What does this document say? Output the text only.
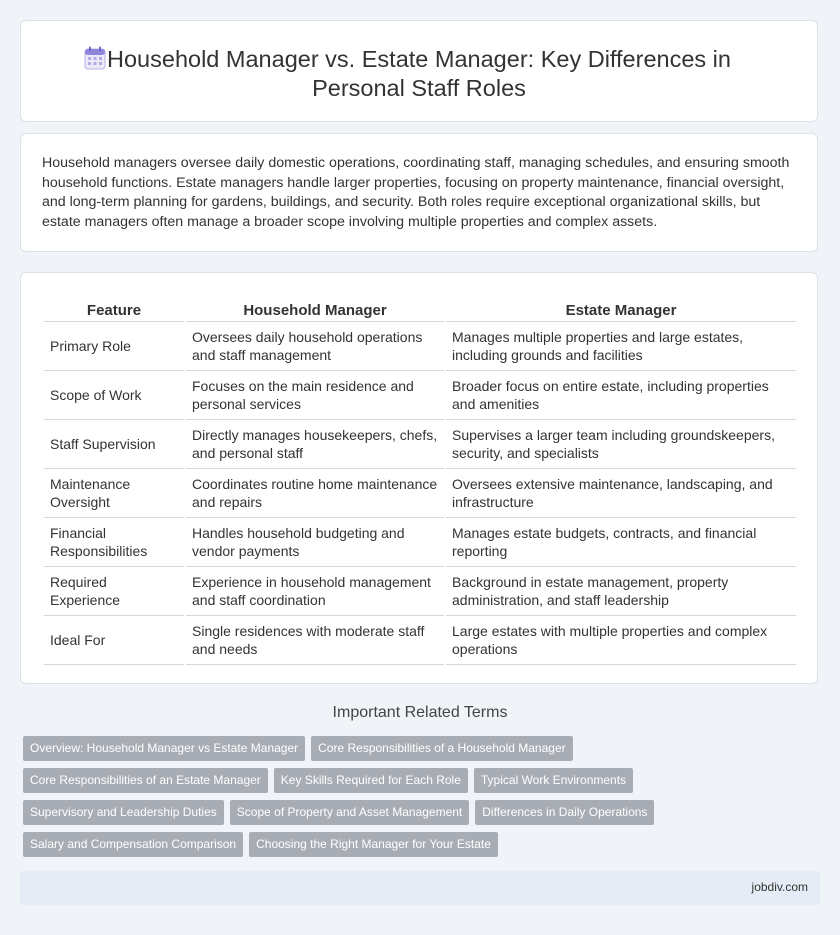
Household Manager vs. Estate Manager: Key Differences in Personal Staff Roles

Household managers oversee daily domestic operations, coordinating staff, managing schedules, and ensuring smooth household functions. Estate managers handle larger properties, focusing on property maintenance, financial oversight, and long-term planning for gardens, buildings, and security. Both roles require exceptional organizational skills, but estate managers often manage a broader scope involving multiple properties and complex assets.

Feature	Household Manager	Estate Manager
Primary Role	Oversees daily household operations and staff management	Manages multiple properties and large estates, including grounds and facilities
Scope of Work	Focuses on the main residence and personal services	Broader focus on entire estate, including properties and amenities
Staff Supervision	Directly manages housekeepers, chefs, and personal staff	Supervises a larger team including groundskeepers, security, and specialists
Maintenance Oversight	Coordinates routine home maintenance and repairs	Oversees extensive maintenance, landscaping, and infrastructure
Financial Responsibilities	Handles household budgeting and vendor payments	Manages estate budgets, contracts, and financial reporting
Required Experience	Experience in household management and staff coordination	Background in estate management, property administration, and staff leadership
Ideal For	Single residences with moderate staff and needs	Large estates with multiple properties and complex operations
Important Related Terms
Overview: Household Manager vs Estate Manager	Core Responsibilities of a Household Manager
Core Responsibilities of an Estate Manager	Key Skills Required for Each Role	Typical Work Environments
Supervisory and Leadership Duties	Scope of Property and Asset Management	Differences in Daily Operations
Salary and Compensation Comparison	Choosing the Right Manager for Your Estate
jobdiv.com
